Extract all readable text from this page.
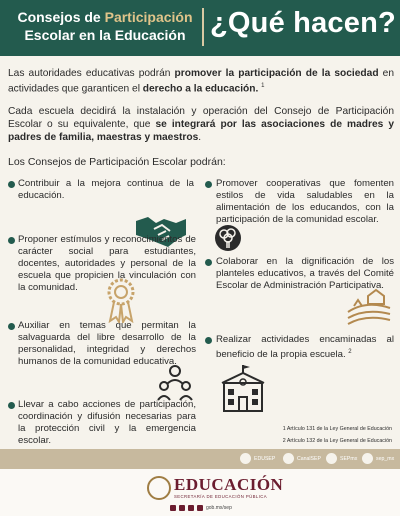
Consejos de Participación
Escolar en la Educación ¿Qué hacen?
Las autoridades educativas podrán promover la participación de la sociedad en actividades que garanticen el derecho a la educación. $^1$
Cada escuela decidirá la instalación y operación del Consejo de Participación Escolar o su equivalente, que se integrará por las asociaciones de madres y padres de familia, maestras y maestros.
Los Consejos de Participación Escolar podrán:
Contribuir a la mejora continua de la educación.
Proponer estímulos y reconocimientos de carácter social para estudiantes, docentes, autoridades y personal de la escuela que propicien la vinculación con la comunidad.
Auxiliar en temas que permitan la salvaguarda del libre desarrollo de la personalidad, integridad y derechos humanos de la comunidad educativa.
Llevar a cabo acciones de participación, coordinación y difusión necesarias para la protección civil y la emergencia escolar.
Promover cooperativas que fomenten estilos de vida saludables en la alimentación de los educandos, con la participación de la comunidad escolar.
Colaborar en la dignificación de los planteles educativos, a través del Comité Escolar de Administración Participativa.
Realizar actividades encaminadas al beneficio de la propia escuela. $^2$
1 Artículo 131 de la Ley General de Educación
2 Artículo 132 de la Ley General de Educación
EDUSEP	CanalSEP	SEPmx	sep_mx
EDUCACIÓN
SECRETARÍA DE EDUCACIÓN PÚBLICA
gob.mx/sep
